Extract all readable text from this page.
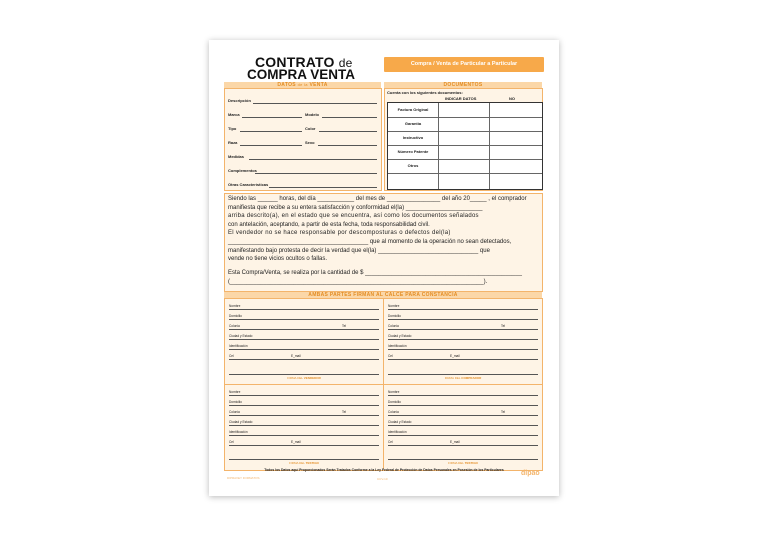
CONTRATO de
COMPRA VENTA
Compra / Venta de Particular a Particular
DATOS de la VENTA
Descripción
Marca	Modelo
Tipo	Color
Raza	Sexo
Medidas
Complementos
Otras Características
DOCUMENTOS
Cuenta con los siguientes documentos:
INDICAR DATOS	NO
Factura Original
Garantía
Instructivo
Número Patente
Otros
Siendo las ______ horas, del día ___________ del mes de ________________ del año 20_____ , el comprador
manifiesta que recibe a su entera satisfacción y conformidad el(la) _______________________
arriba descrito(a), en el estado que se encuentra, así como los documentos señalados
con antelación, aceptando, a partir de esta fecha, toda responsabilidad civil.
El vendedor no se hace responsable por descomposturas o defectos del(la)
__________________________________________ que al momento de la operación no sean detectados,
manifestando bajo protesta de decir la verdad que el(la) ______________________________ que
vende no tiene vicios ocultos o fallas.
Esta Compra/Venta, se realiza por la cantidad de $ _______________________________________________
(____________________________________________________________________________).
AMBAS PARTES FIRMAN AL CALCE PARA CONSTANCIA
Nombre
Domicilio
Colonia	Tel
Ciudad y Estado
Identificación
Cel	E_mail
FIRMA DEL VENDEDOR
Nombre
Domicilio
Colonia	Tel
Ciudad y Estado
Identificación
Cel	E_mail
FIRMA DEL COMPRADOR
Nombre
Domicilio
Colonia	Tel
Ciudad y Estado
Identificación
Cel	E_mail
FIRMA DEL TESTIGO
Nombre
Domicilio
Colonia	Tel
Ciudad y Estado
Identificación
Cel	E_mail
FIRMA DEL TESTIGO
Todos los Datos aquí Proporcionados Serán Tratados Conforme a la Ley Federal de Protección de Datos Personales en Posesión de los Particulares
DIPRAVEY FORMATOS	CCV-10
dipao
